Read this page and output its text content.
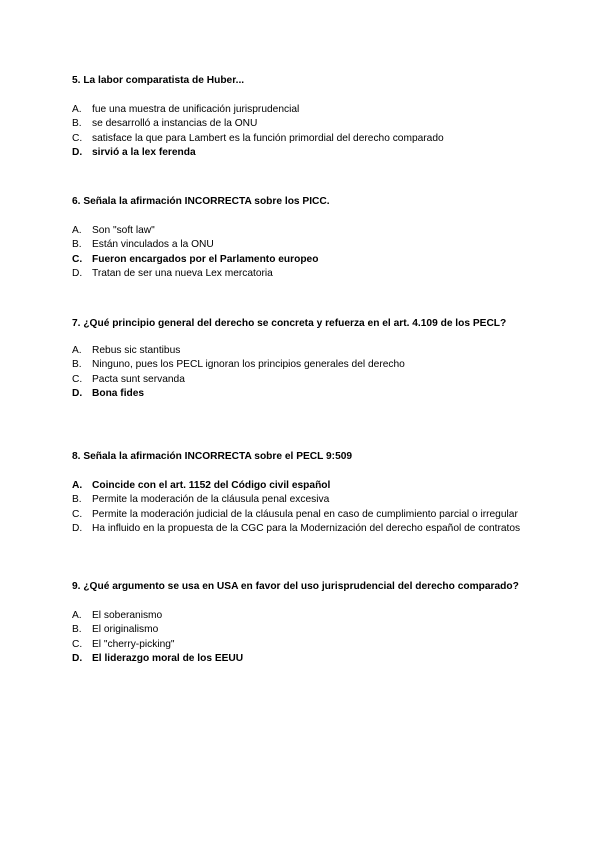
5. La labor comparatista de Huber...

A.	fue una muestra de unificación jurisprudencial
B.	se desarrolló a instancias de la ONU
C. satisface la que para Lambert es la función primordial del derecho comparado
D. sirvió a la lex ferenda

6. Señala la afirmación INCORRECTA sobre los PICC.

A.	Son "soft law"
B.	Están vinculados a la ONU
C. Fueron encargados por el Parlamento europeo
D. Tratan de ser una nueva Lex mercatoria

7. ¿Qué principio general del derecho se concreta y refuerza en el art. 4.109 de los PECL?

A.	Rebus sic stantibus
B.	Ninguno, pues los PECL ignoran los principios generales del derecho
C. Pacta sunt servanda
D. Bona fides

8. Señala la afirmación INCORRECTA sobre el PECL 9:509

A. Coincide con el art. 1152 del Código civil español
B.	Permite la moderación de la cláusula penal excesiva
C. Permite la moderación judicial de la cláusula penal en caso de cumplimiento parcial o irregular
D. Ha influido en la propuesta de la CGC para la Modernización del derecho español de contratos

9. ¿Qué argumento se usa en USA en favor del uso jurisprudencial del derecho comparado?

A.	El soberanismo
B.	El originalismo
C. El "cherry-picking"
D. El liderazgo moral de los EEUU
